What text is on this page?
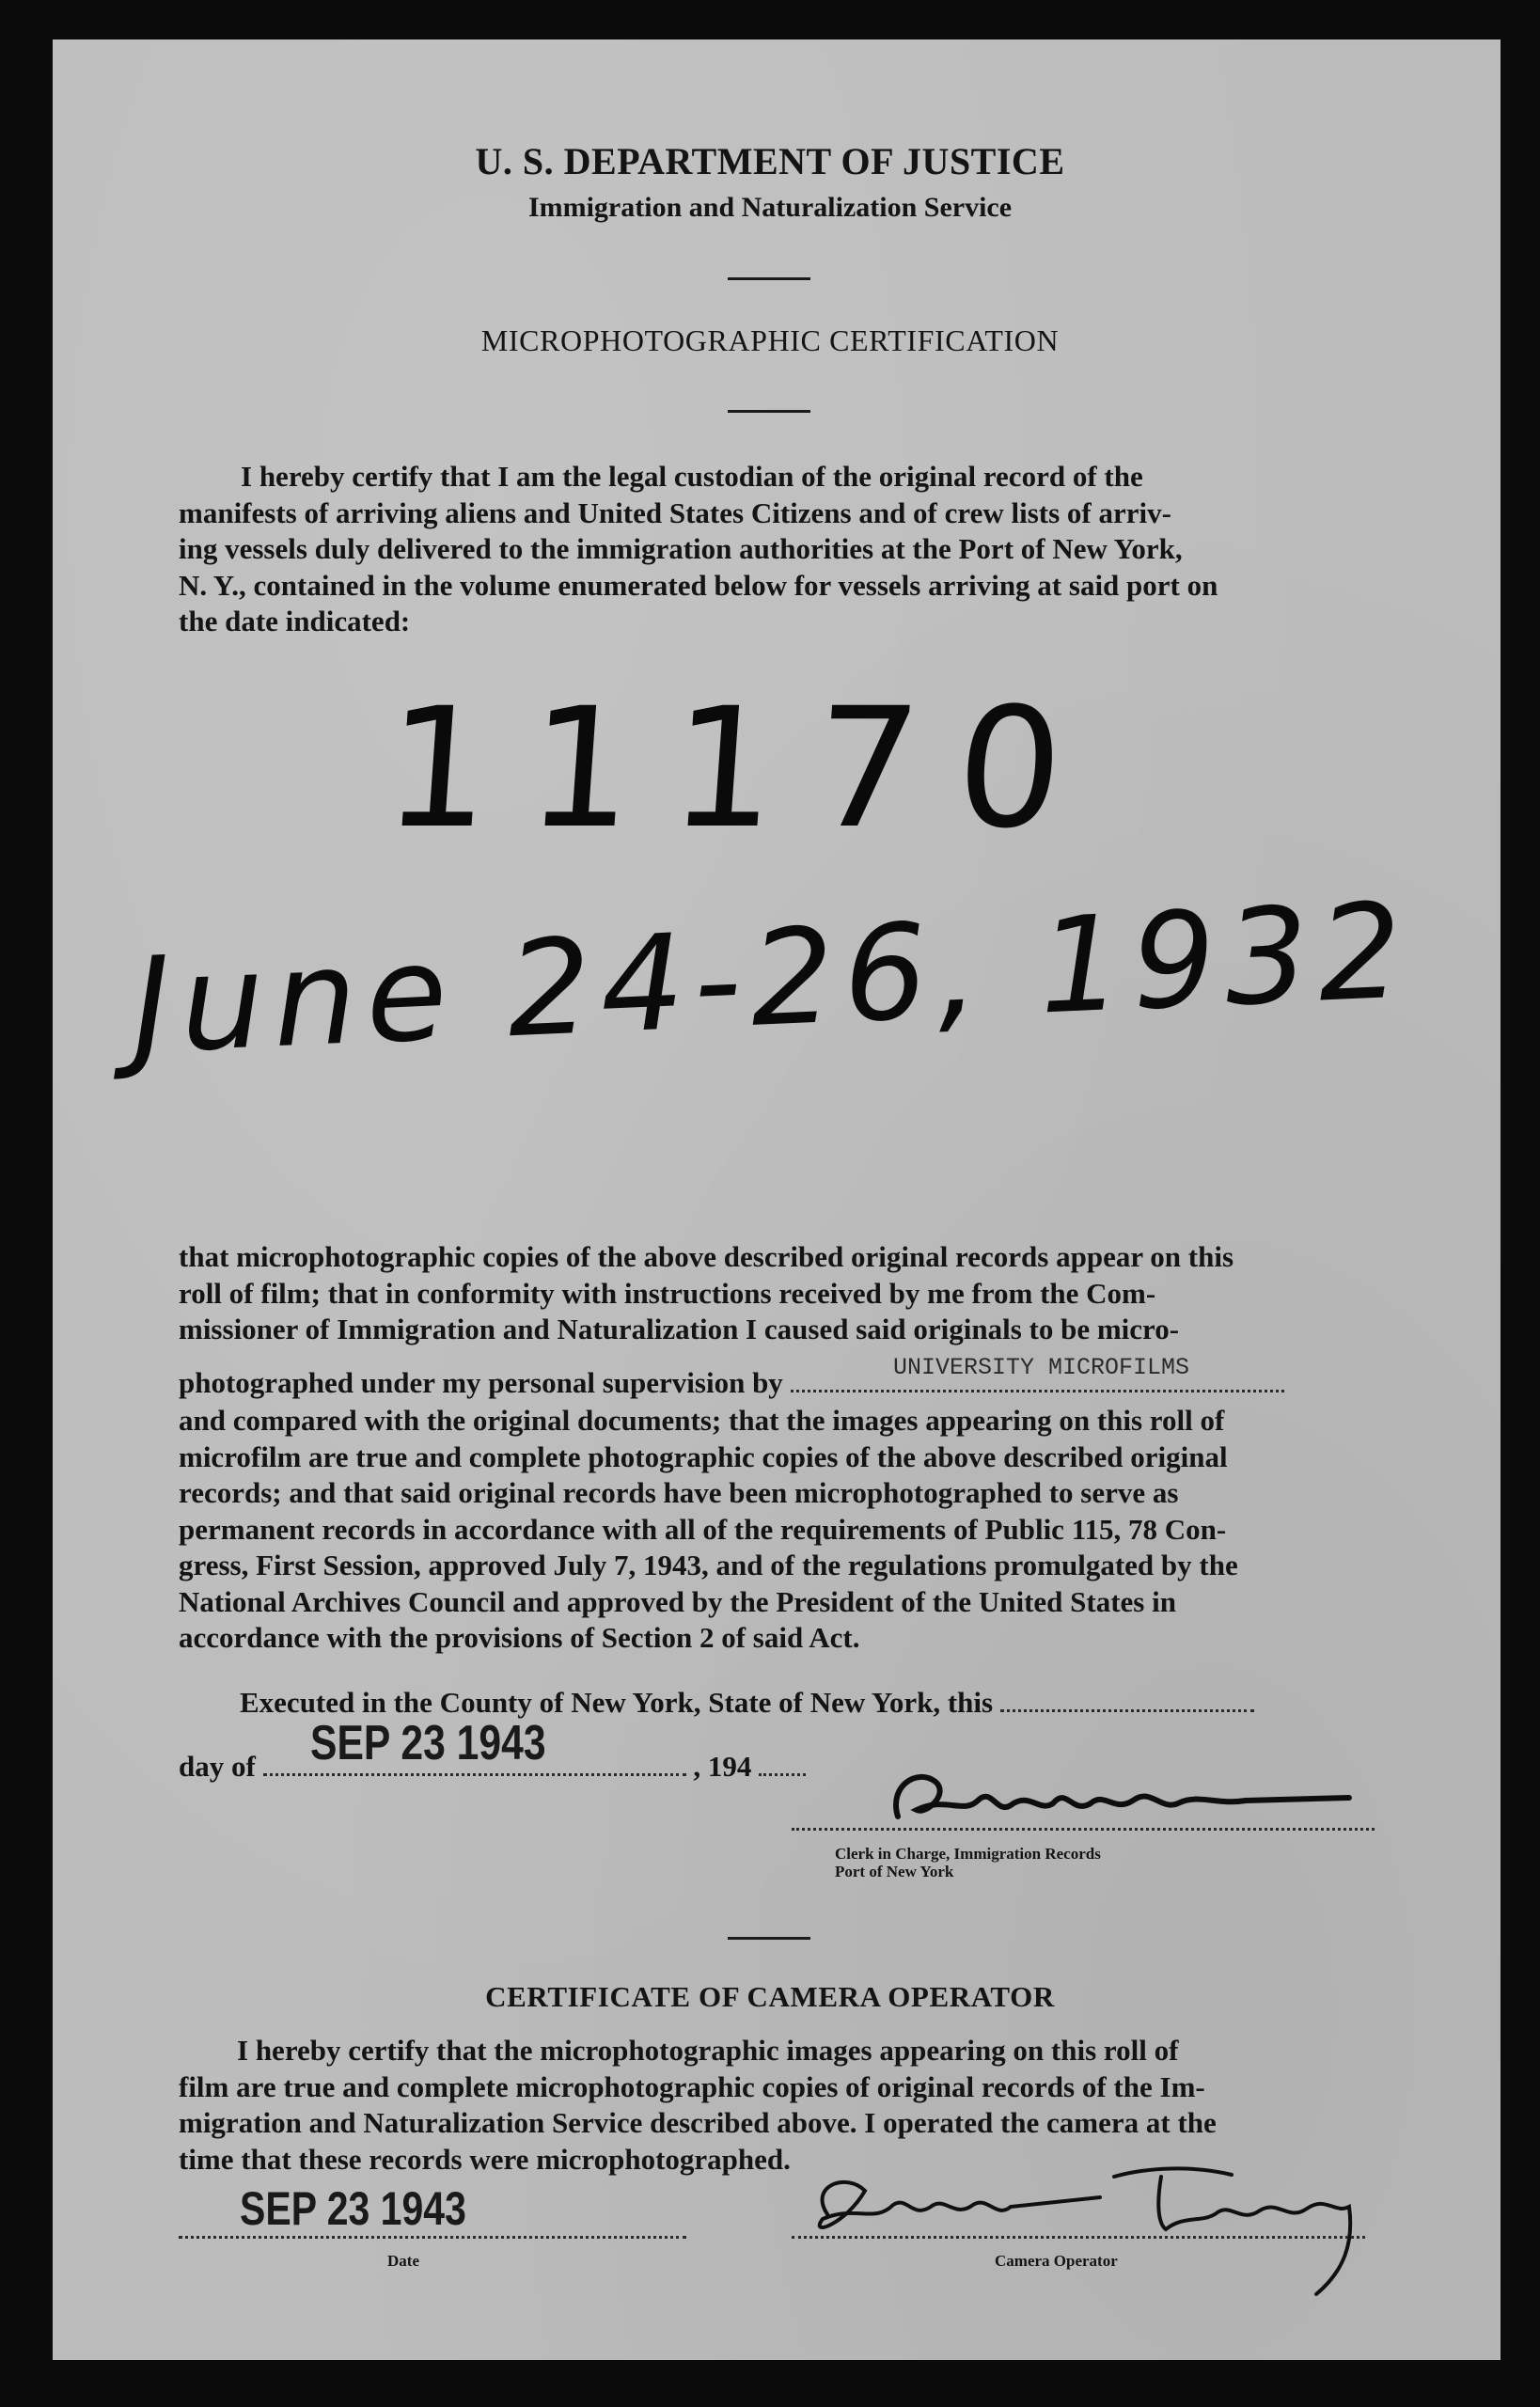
U. S. DEPARTMENT OF JUSTICE
Immigration and Naturalization Service
MICROPHOTOGRAPHIC CERTIFICATION
I hereby certify that I am the legal custodian of the original record of the
manifests of arriving aliens and United States Citizens and of crew lists of arriv-
ing vessels duly delivered to the immigration authorities at the Port of New York,
N. Y., contained in the volume enumerated below for vessels arriving at said port on
the date indicated:
11170
June 24-26, 1932
that microphotographic copies of the above described original records appear on this
roll of film; that in conformity with instructions received by me from the Com-
missioner of Immigration and Naturalization I caused said originals to be micro-
photographed under my personal supervision by	UNIVERSITY MICROFILMS
and compared with the original documents; that the images appearing on this roll of
microfilm are true and complete photographic copies of the above described original
records; and that said original records have been microphotographed to serve as
permanent records in accordance with all of the requirements of Public 115, 78 Con-
gress, First Session, approved July 7, 1943, and of the regulations promulgated by the
National Archives Council and approved by the President of the United States in
accordance with the provisions of Section 2 of said Act.
Executed in the County of New York, State of New York, this
day of	, 194
SEP 23 1943
Clerk in Charge, Immigration Records
Port of New York
CERTIFICATE OF CAMERA OPERATOR
I hereby certify that the microphotographic images appearing on this roll of
film are true and complete microphotographic copies of original records of the Im-
migration and Naturalization Service described above. I operated the camera at the
time that these records were microphotographed.
SEP 23 1943
Date	Camera Operator
